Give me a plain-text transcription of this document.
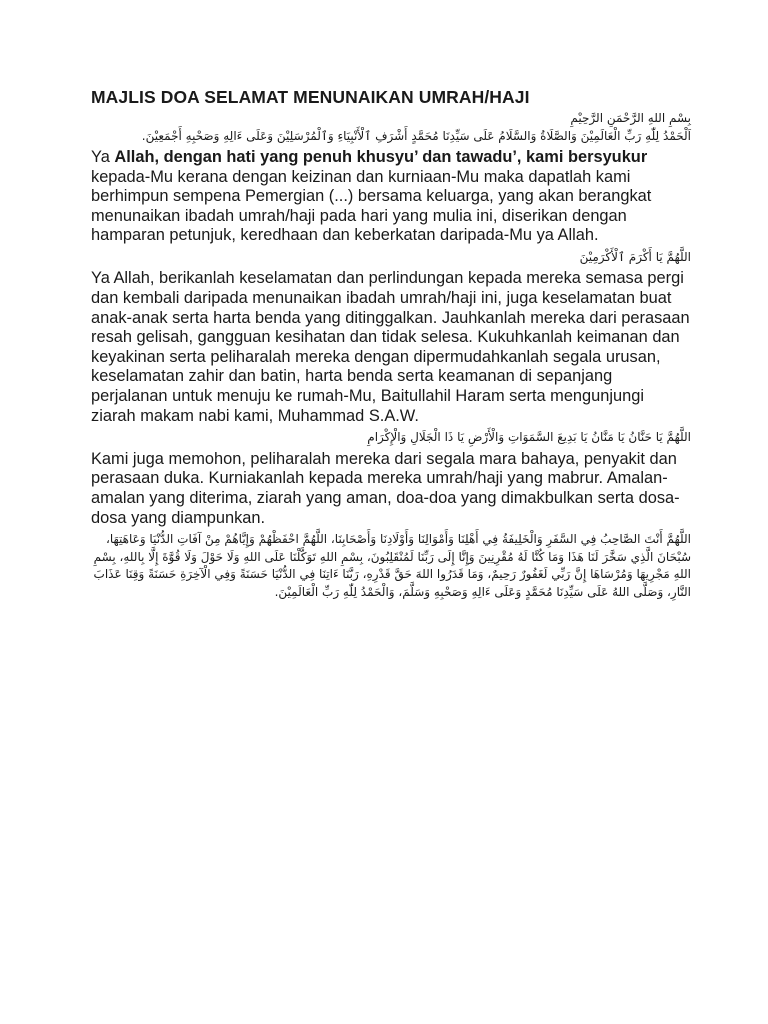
MAJLIS DOA SELAMAT MENUNAIKAN UMRAH/HAJI

بِسْمِ اللهِ الرَّحْمَنِ الرَّحِيْمِ

اَلْحَمْدُ لِلّٰهِ رَبِّ الْعَالَمِيْنَ وَالصَّلَاةُ وَالسَّلَامُ عَلَى سَيِّدِنَا مُحَمَّدٍ أَشْرَفِ ٱلْأَنْبِيَاءِ وَٱلْمُرْسَلِيْنَ وَعَلَى ءَالِهِ وَصَحْبِهِ أَجْمَعِيْنَ.

Ya Allah, dengan hati yang penuh khusyu’ dan tawadu’, kami bersyukur kepada-Mu kerana dengan keizinan dan kurniaan-Mu maka dapatlah kami berhimpun sempena Pemergian (...) bersama keluarga, yang akan berangkat menunaikan ibadah umrah/haji pada hari yang mulia ini, diserikan dengan hamparan petunjuk, keredhaan dan keberkatan daripada-Mu ya Allah.

اللَّهُمَّ يَا أَكْرَمَ ٱلْأَكْرَمِيْنَ

Ya Allah, berikanlah keselamatan dan perlindungan kepada mereka semasa pergi dan kembali daripada menunaikan ibadah umrah/haji ini, juga keselamatan buat anak-anak serta harta benda yang ditinggalkan. Jauhkanlah mereka dari perasaan resah gelisah, gangguan kesihatan dan tidak selesa. Kukuhkanlah keimanan dan keyakinan serta peliharalah mereka dengan dipermudahkanlah segala urusan, keselamatan zahir dan batin, harta benda serta keamanan di sepanjang perjalanan untuk menuju ke rumah-Mu, Baitullahil Haram serta mengunjungi ziarah makam nabi kami, Muhammad S.A.W.

اللَّهُمَّ يَا حَنَّانُ يَا مَنَّانُ يَا بَدِيعَ السَّمَوَاتِ وَالْأَرْضِ يَا ذَا الْجَلَالِ وَالْإِكْرَامِ

Kami juga memohon, peliharalah mereka dari segala mara bahaya, penyakit dan perasaan duka. Kurniakanlah kepada mereka umrah/haji yang mabrur. Amalan-amalan yang diterima, ziarah yang aman, doa-doa yang dimakbulkan serta dosa-dosa yang diampunkan.

اللَّهُمَّ أَنْتَ الصَّاحِبُ فِي السَّفَرِ وَالْخَلِيفَةُ فِي أَهْلِنَا وَأَمْوَالِنَا وَأَوْلَادِنَا وَأَصْحَابِنَا، اللَّهُمَّ احْفَظْهُمْ وَإِيَّاهُمْ مِنْ آفَاتِ الدُّنْيَا وَعَاهَتِهَا، سُبْحَانَ الَّذِي سَخَّرَ لَنَا هَذَا وَمَا كُنَّا لَهُ مُقْرِنِينَ وَإِنَّا إِلَى رَبِّنَا لَمُنْقَلِبُونَ، بِسْمِ اللهِ تَوَكَّلْنَا عَلَى اللهِ وَلَا حَوْلَ وَلَا قُوَّةَ إِلَّا بِاللهِ، بِسْمِ اللهِ مَجْرِيهَا وَمُرْسَاهَا إِنَّ رَبِّي لَغَفُورٌ رَحِيمٌ، وَمَا قَدَرُوا اللهَ حَقَّ قَدْرِهِ، رَبَّنَا ءَاتِنَا فِي الدُّنْيَا حَسَنَةً وَفِي الْآخِرَةِ حَسَنَةً وَقِنَا عَذَابَ النَّارِ، وَصَلَّى اللهُ عَلَى سَيِّدِنَا مُحَمَّدٍ وَعَلَى ءَالِهِ وَصَحْبِهِ وَسَلَّمَ، وَالْحَمْدُ لِلّٰهِ رَبِّ الْعَالَمِيْنَ.
